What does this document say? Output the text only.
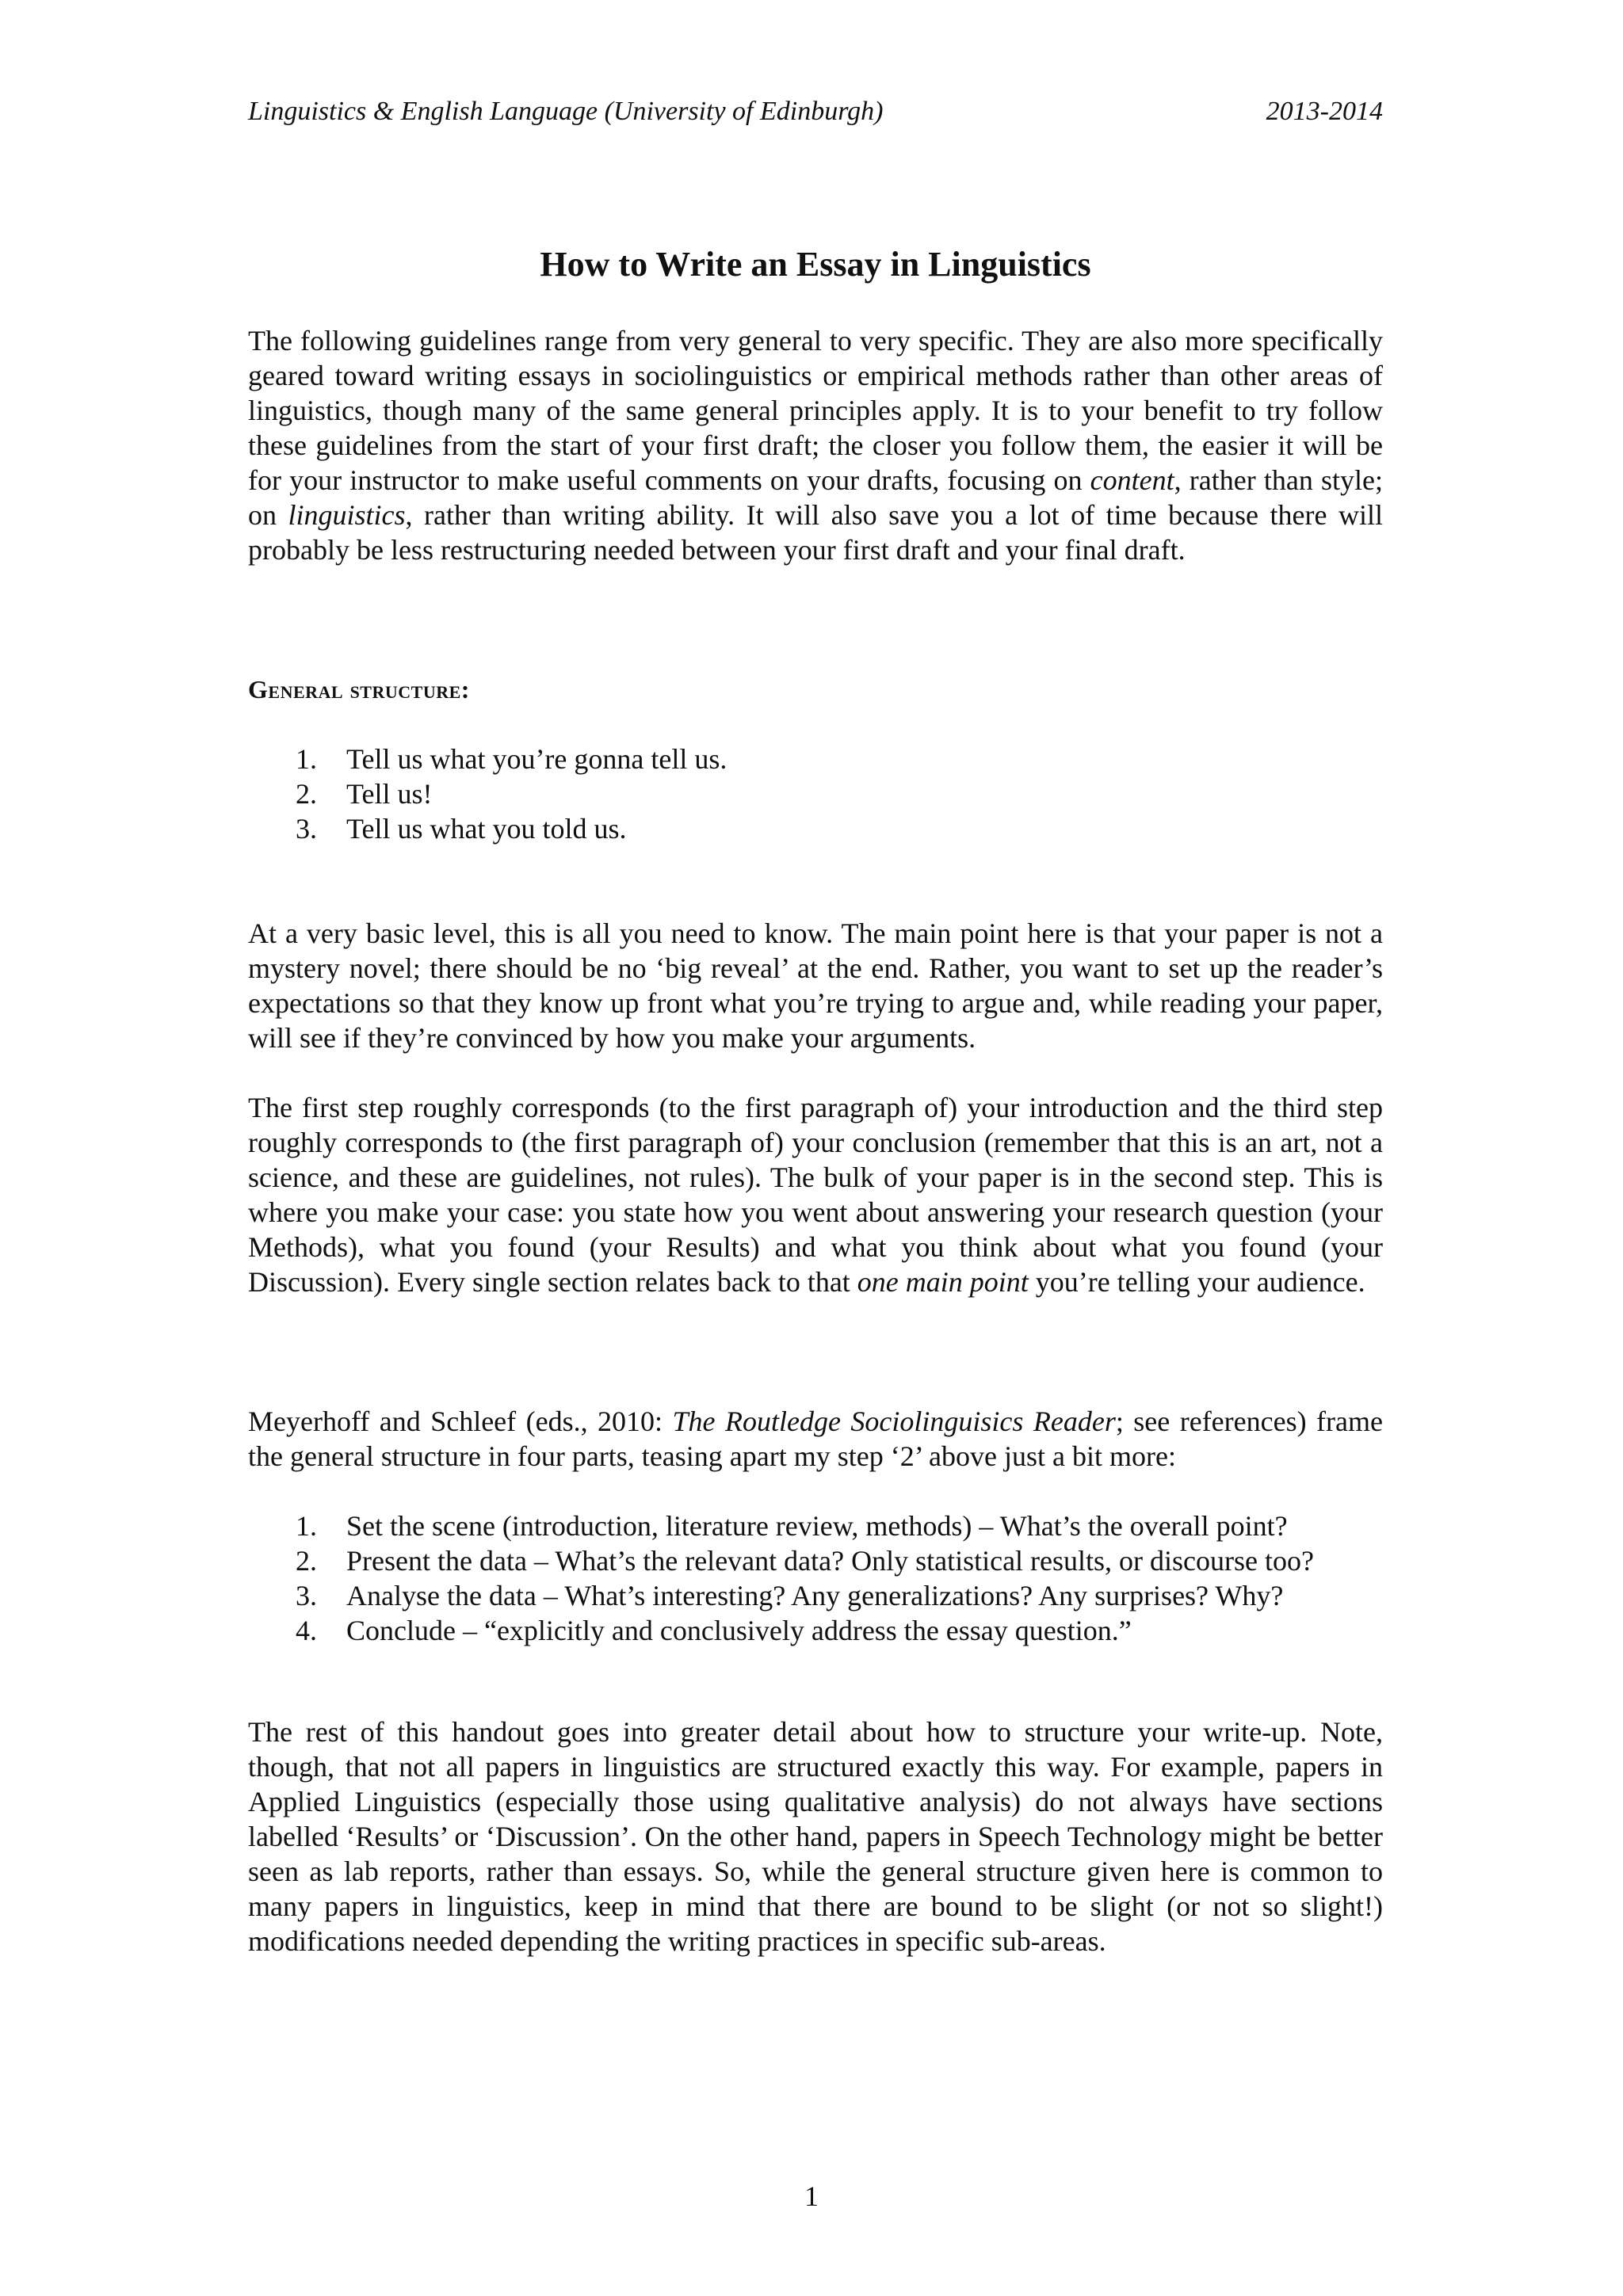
Linguistics & English Language (University of Edinburgh)	2013-2014
How to Write an Essay in Linguistics

The following guidelines range from very general to very specific. They are also more specifically geared toward writing essays in sociolinguistics or empirical methods rather than other areas of linguistics, though many of the same general principles apply. It is to your benefit to try follow these guidelines from the start of your first draft; the closer you follow them, the easier it will be for your instructor to make useful comments on your drafts, focusing on content, rather than style; on linguistics, rather than writing ability. It will also save you a lot of time because there will probably be less restructuring needed between your first draft and your final draft.

General structure:
1. Tell us what you’re gonna tell us.
2. Tell us!
3. Tell us what you told us.

At a very basic level, this is all you need to know. The main point here is that your paper is not a mystery novel; there should be no ‘big reveal’ at the end. Rather, you want to set up the reader’s expectations so that they know up front what you’re trying to argue and, while reading your paper, will see if they’re convinced by how you make your arguments.

The first step roughly corresponds (to the first paragraph of) your introduction and the third step roughly corresponds to (the first paragraph of) your conclusion (remember that this is an art, not a science, and these are guidelines, not rules). The bulk of your paper is in the second step. This is where you make your case: you state how you went about answering your research question (your Methods), what you found (your Results) and what you think about what you found (your Discussion). Every single section relates back to that one main point you’re telling your audience.

Meyerhoff and Schleef (eds., 2010: The Routledge Sociolinguisics Reader; see references) frame the general structure in four parts, teasing apart my step ‘2’ above just a bit more:

1. Set the scene (introduction, literature review, methods) – What’s the overall point?
2. Present the data – What’s the relevant data? Only statistical results, or discourse too?
3. Analyse the data – What’s interesting? Any generalizations? Any surprises? Why?
4. Conclude – “explicitly and conclusively address the essay question.”

The rest of this handout goes into greater detail about how to structure your write-up. Note, though, that not all papers in linguistics are structured exactly this way. For example, papers in Applied Linguistics (especially those using qualitative analysis) do not always have sections labelled ‘Results’ or ‘Discussion’. On the other hand, papers in Speech Technology might be better seen as lab reports, rather than essays. So, while the general structure given here is common to many papers in linguistics, keep in mind that there are bound to be slight (or not so slight!) modifications needed depending the writing practices in specific sub-areas.

1
